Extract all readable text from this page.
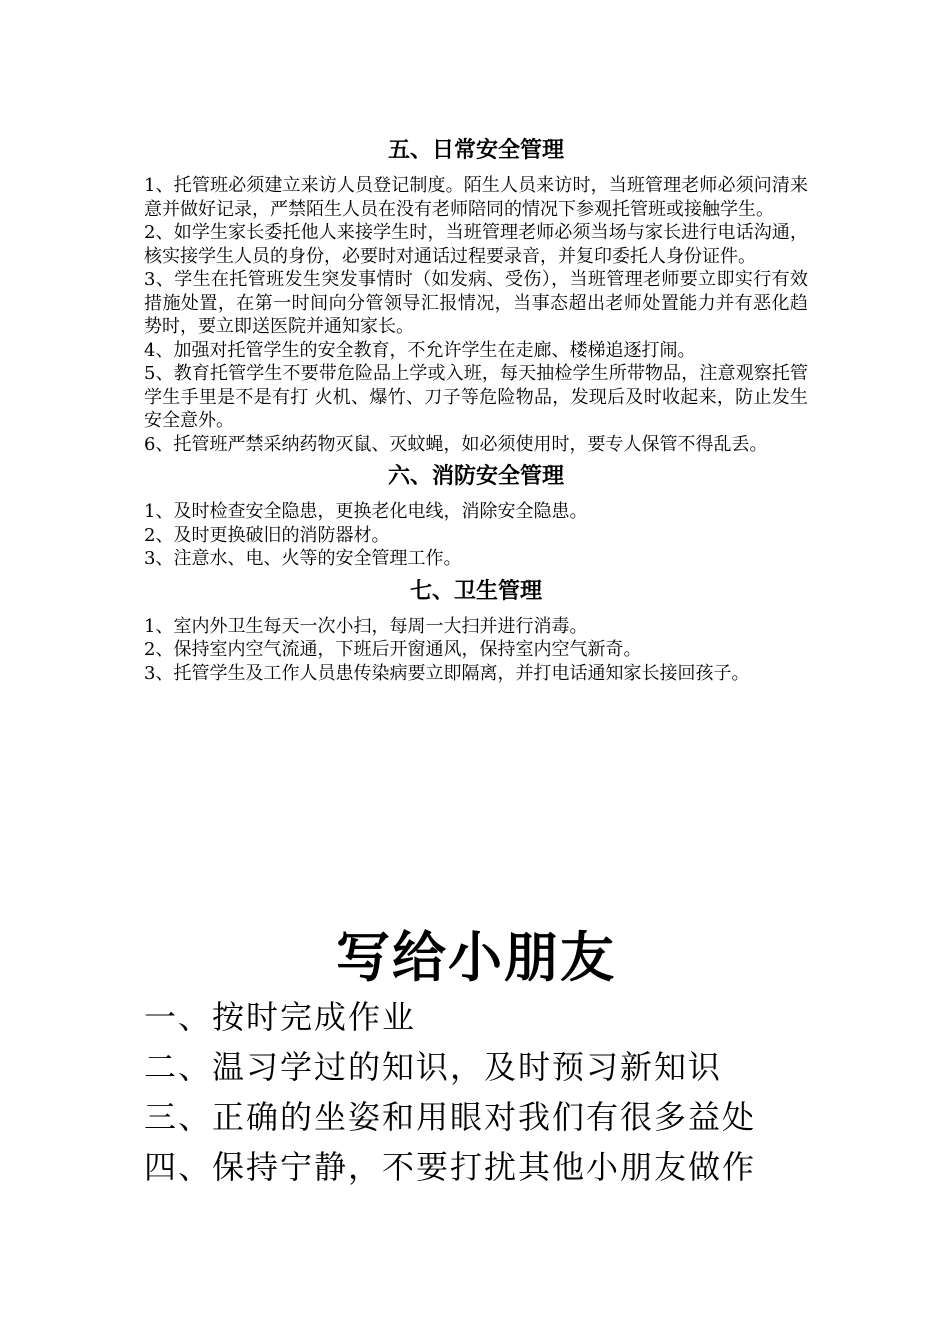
五、日常安全管理

1、托管班必须建立来访人员登记制度。陌生人员来访时，当班管理老师必须问清来意并做好记录，严禁陌生人员在没有老师陪同的情况下参观托管班或接触学生。

2、如学生家长委托他人来接学生时，当班管理老师必须当场与家长进行电话沟通，核实接学生人员的身份，必要时对通话过程要录音，并复印委托人身份证件。

3、学生在托管班发生突发事情时（如发病、受伤），当班管理老师要立即实行有效措施处置，在第一时间向分管领导汇报情况，当事态超出老师处置能力并有恶化趋势时，要立即送医院并通知家长。

4、加强对托管学生的安全教育，不允许学生在走廊、楼梯追逐打闹。

5、教育托管学生不要带危险品上学或入班，每天抽检学生所带物品，注意观察托管学生手里是不是有打 火机、爆竹、刀子等危险物品，发现后及时收起来，防止发生安全意外。

6、托管班严禁采纳药物灭鼠、灭蚊蝇，如必须使用时，要专人保管不得乱丢。

六、消防安全管理

1、及时检查安全隐患，更换老化电线，消除安全隐患。

2、及时更换破旧的消防器材。

3、注意水、电、火等的安全管理工作。

七、卫生管理

1、室内外卫生每天一次小扫，每周一大扫并进行消毒。

2、保持室内空气流通，下班后开窗通风，保持室内空气新奇。

3、托管学生及工作人员患传染病要立即隔离，并打电话通知家长接回孩子。

写给小朋友

一、按时完成作业

二、温习学过的知识，及时预习新知识

三、正确的坐姿和用眼对我们有很多益处

四、保持宁静，不要打扰其他小朋友做作
